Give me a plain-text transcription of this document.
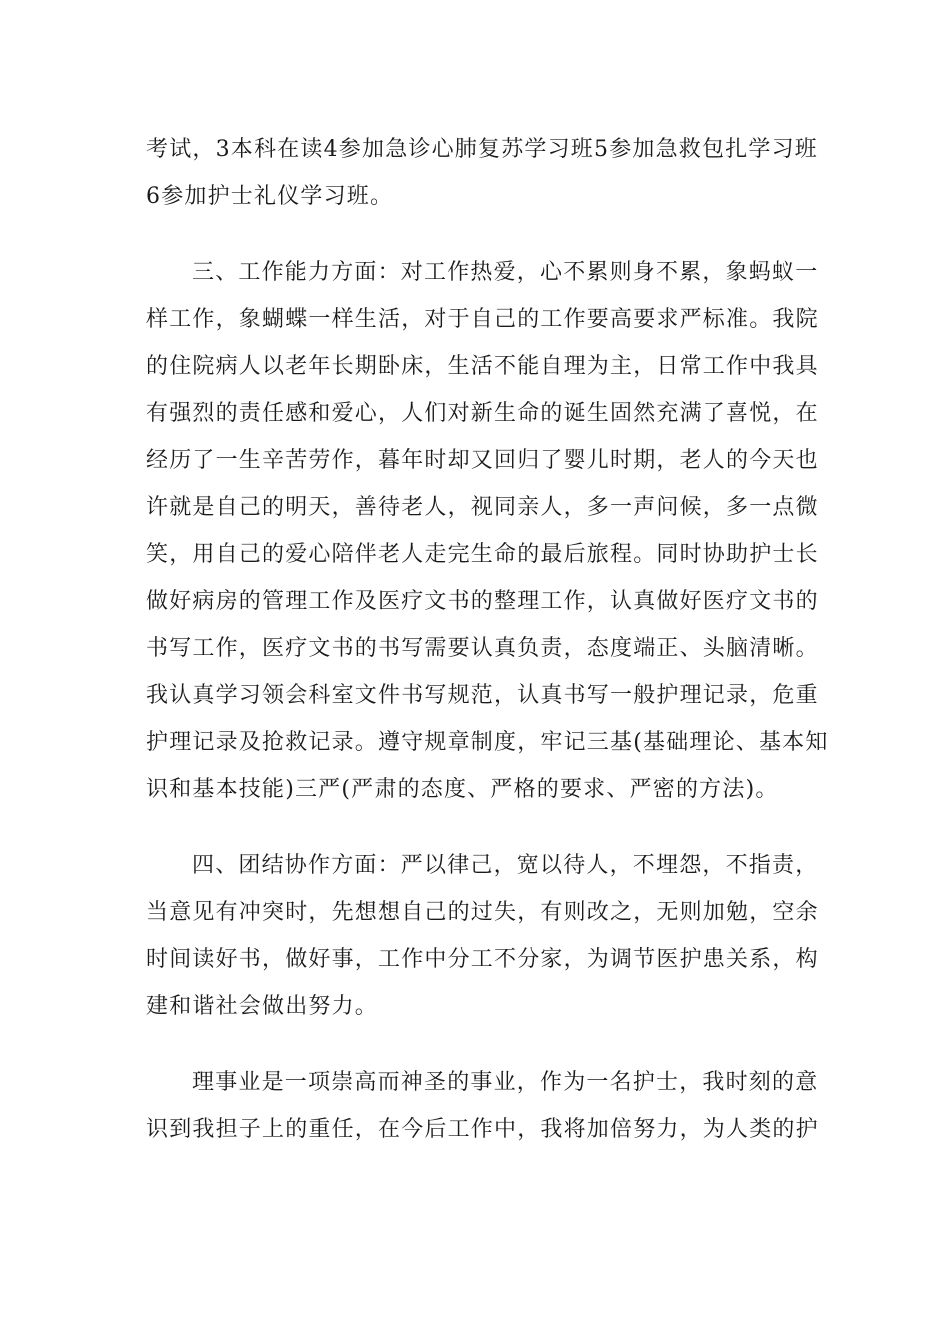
考试，3本科在读4参加急诊心肺复苏学习班5参加急救包扎学习班
6参加护士礼仪学习班。
三、工作能力方面：对工作热爱，心不累则身不累，象蚂蚁一
样工作，象蝴蝶一样生活，对于自己的工作要高要求严标准。我院
的住院病人以老年长期卧床，生活不能自理为主，日常工作中我具
有强烈的责任感和爱心，人们对新生命的诞生固然充满了喜悦，在
经历了一生辛苦劳作，暮年时却又回归了婴儿时期，老人的今天也
许就是自己的明天，善待老人，视同亲人，多一声问候，多一点微
笑，用自己的爱心陪伴老人走完生命的最后旅程。同时协助护士长
做好病房的管理工作及医疗文书的整理工作，认真做好医疗文书的
书写工作，医疗文书的书写需要认真负责，态度端正、头脑清晰。
我认真学习领会科室文件书写规范，认真书写一般护理记录，危重
护理记录及抢救记录。遵守规章制度，牢记三基(基础理论、基本知
识和基本技能)三严(严肃的态度、严格的要求、严密的方法)。
四、团结协作方面：严以律己，宽以待人，不埋怨，不指责，
当意见有冲突时，先想想自己的过失，有则改之，无则加勉，空余
时间读好书，做好事，工作中分工不分家，为调节医护患关系，构
建和谐社会做出努力。
理事业是一项崇高而神圣的事业，作为一名护士，我时刻的意
识到我担子上的重任，在今后工作中，我将加倍努力，为人类的护
